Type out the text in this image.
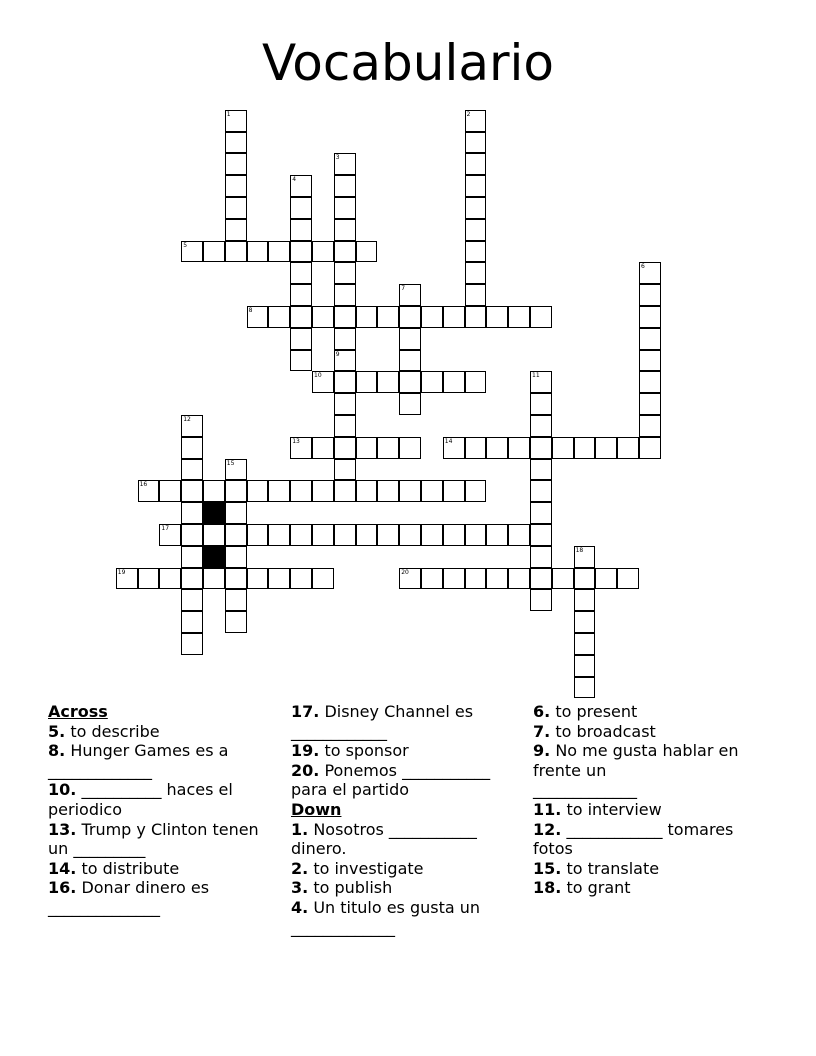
Vocabulario
1	2
3
9
4
5
6
7
8
10	11
12
13	14
15
16
17
18
19	20
Across
5. to describe
8. Hunger Games es a
_____________
10. __________ haces el periodico
13. Trump y Clinton tenen un _________
14. to distribute
16. Donar dinero es
______________
17. Disney Channel es
____________
19. to sponsor
20. Ponemos ___________ para el partido
Down
1. Nosotros ___________ dinero.
2. to investigate
3. to publish
4. Un titulo es gusta un
_____________
6. to present
7. to broadcast
9. No me gusta hablar en frente un
_____________
11. to interview
12. ____________ tomares fotos
15. to translate
18. to grant
